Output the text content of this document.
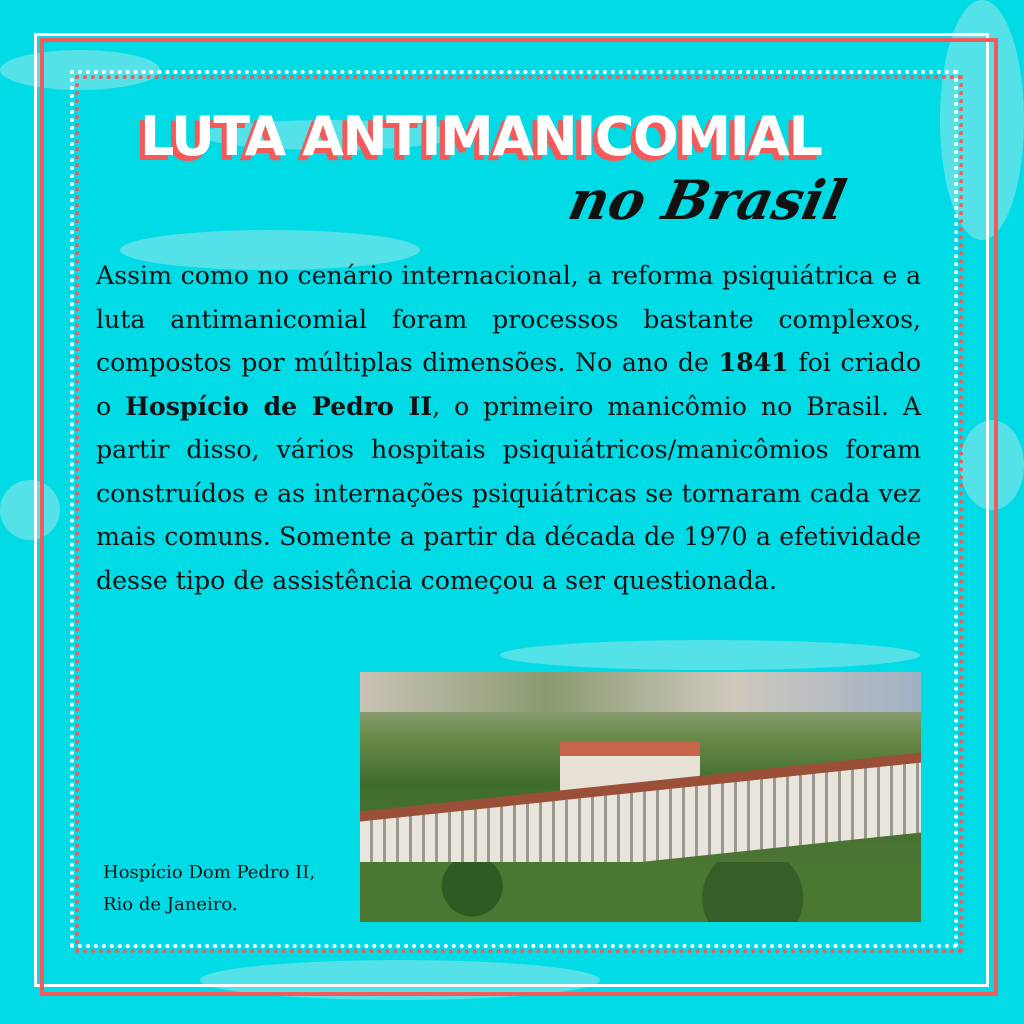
LUTA ANTIMANICOMIAL
no Brasil
Assim como no cenário internacional, a reforma psiquiátrica e a luta antimanicomial foram processos bastante complexos, compostos por múltiplas dimensões. No ano de 1841 foi criado o Hospício de Pedro II, o primeiro manicômio no Brasil. A partir disso, vários hospitais psiquiátricos/manicômios foram construídos e as internações psiquiátricas se tornaram cada vez mais comuns. Somente a partir da década de 1970 a efetividade desse tipo de assistência começou a ser questionada.
Hospício Dom Pedro II,
Rio de Janeiro.
